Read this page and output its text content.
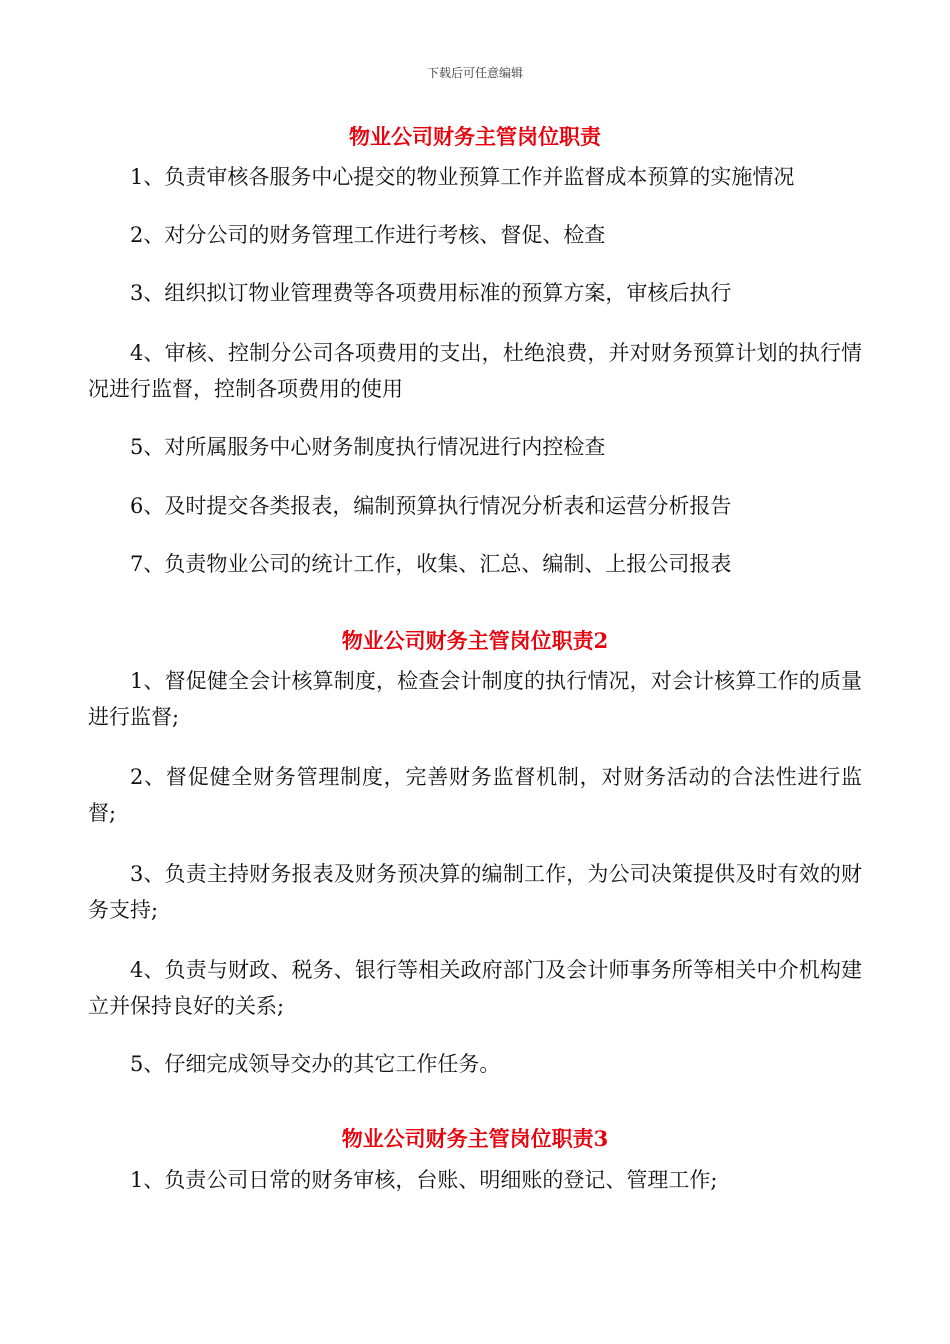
下载后可任意编辑
物业公司财务主管岗位职责

1、负责审核各服务中心提交的物业预算工作并监督成本预算的实施情况

2、对分公司的财务管理工作进行考核、督促、检查

3、组织拟订物业管理费等各项费用标准的预算方案，审核后执行

4、审核、控制分公司各项费用的支出，杜绝浪费，并对财务预算计划的执行情况进行监督，控制各项费用的使用

5、对所属服务中心财务制度执行情况进行内控检查

6、及时提交各类报表，编制预算执行情况分析表和运营分析报告

7、负责物业公司的统计工作，收集、汇总、编制、上报公司报表

物业公司财务主管岗位职责2

1、督促健全会计核算制度，检查会计制度的执行情况，对会计核算工作的质量进行监督;

2、督促健全财务管理制度，完善财务监督机制，对财务活动的合法性进行监督;

3、负责主持财务报表及财务预决算的编制工作，为公司决策提供及时有效的财务支持;

4、负责与财政、税务、银行等相关政府部门及会计师事务所等相关中介机构建立并保持良好的关系;

5、仔细完成领导交办的其它工作任务。

物业公司财务主管岗位职责3

1、负责公司日常的财务审核，台账、明细账的登记、管理工作;
